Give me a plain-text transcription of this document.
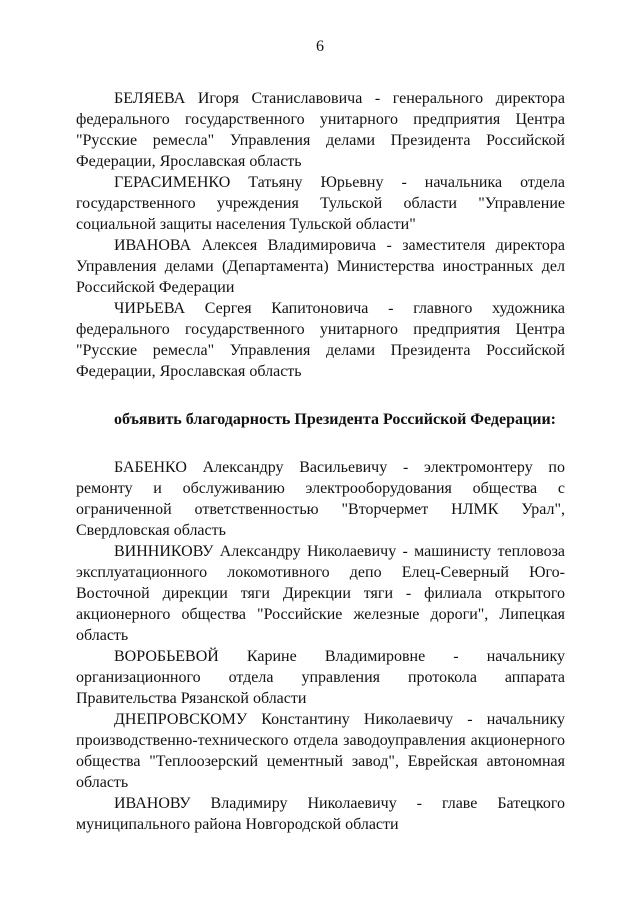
6

БЕЛЯЕВА Игоря Станиславовича - генерального директора федерального государственного унитарного предприятия Центра "Русские ремесла" Управления делами Президента Российской Федерации, Ярославская область

ГЕРАСИМЕНКО Татьяну Юрьевну - начальника отдела государственного учреждения Тульской области "Управление социальной защиты населения Тульской области"

ИВАНОВА Алексея Владимировича - заместителя директора Управления делами (Департамента) Министерства иностранных дел Российской Федерации

ЧИРЬЕВА Сергея Капитоновича - главного художника федерального государственного унитарного предприятия Центра "Русские ремесла" Управления делами Президента Российской Федерации, Ярославская область

объявить благодарность Президента Российской Федерации:

БАБЕНКО Александру Васильевичу - электромонтеру по ремонту и обслуживанию электрооборудования общества с ограниченной ответственностью "Вторчермет НЛМК Урал", Свердловская область

ВИННИКОВУ Александру Николаевичу - машинисту тепловоза эксплуатационного локомотивного депо Елец-Северный Юго-Восточной дирекции тяги Дирекции тяги - филиала открытого акционерного общества "Российские железные дороги", Липецкая область

ВОРОБЬЕВОЙ Карине Владимировне - начальнику организационного отдела управления протокола аппарата Правительства Рязанской области

ДНЕПРОВСКОМУ Константину Николаевичу - начальнику производственно-технического отдела заводоуправления акционерного общества "Теплоозерский цементный завод", Еврейская автономная область

ИВАНОВУ Владимиру Николаевичу - главе Батецкого муниципального района Новгородской области
